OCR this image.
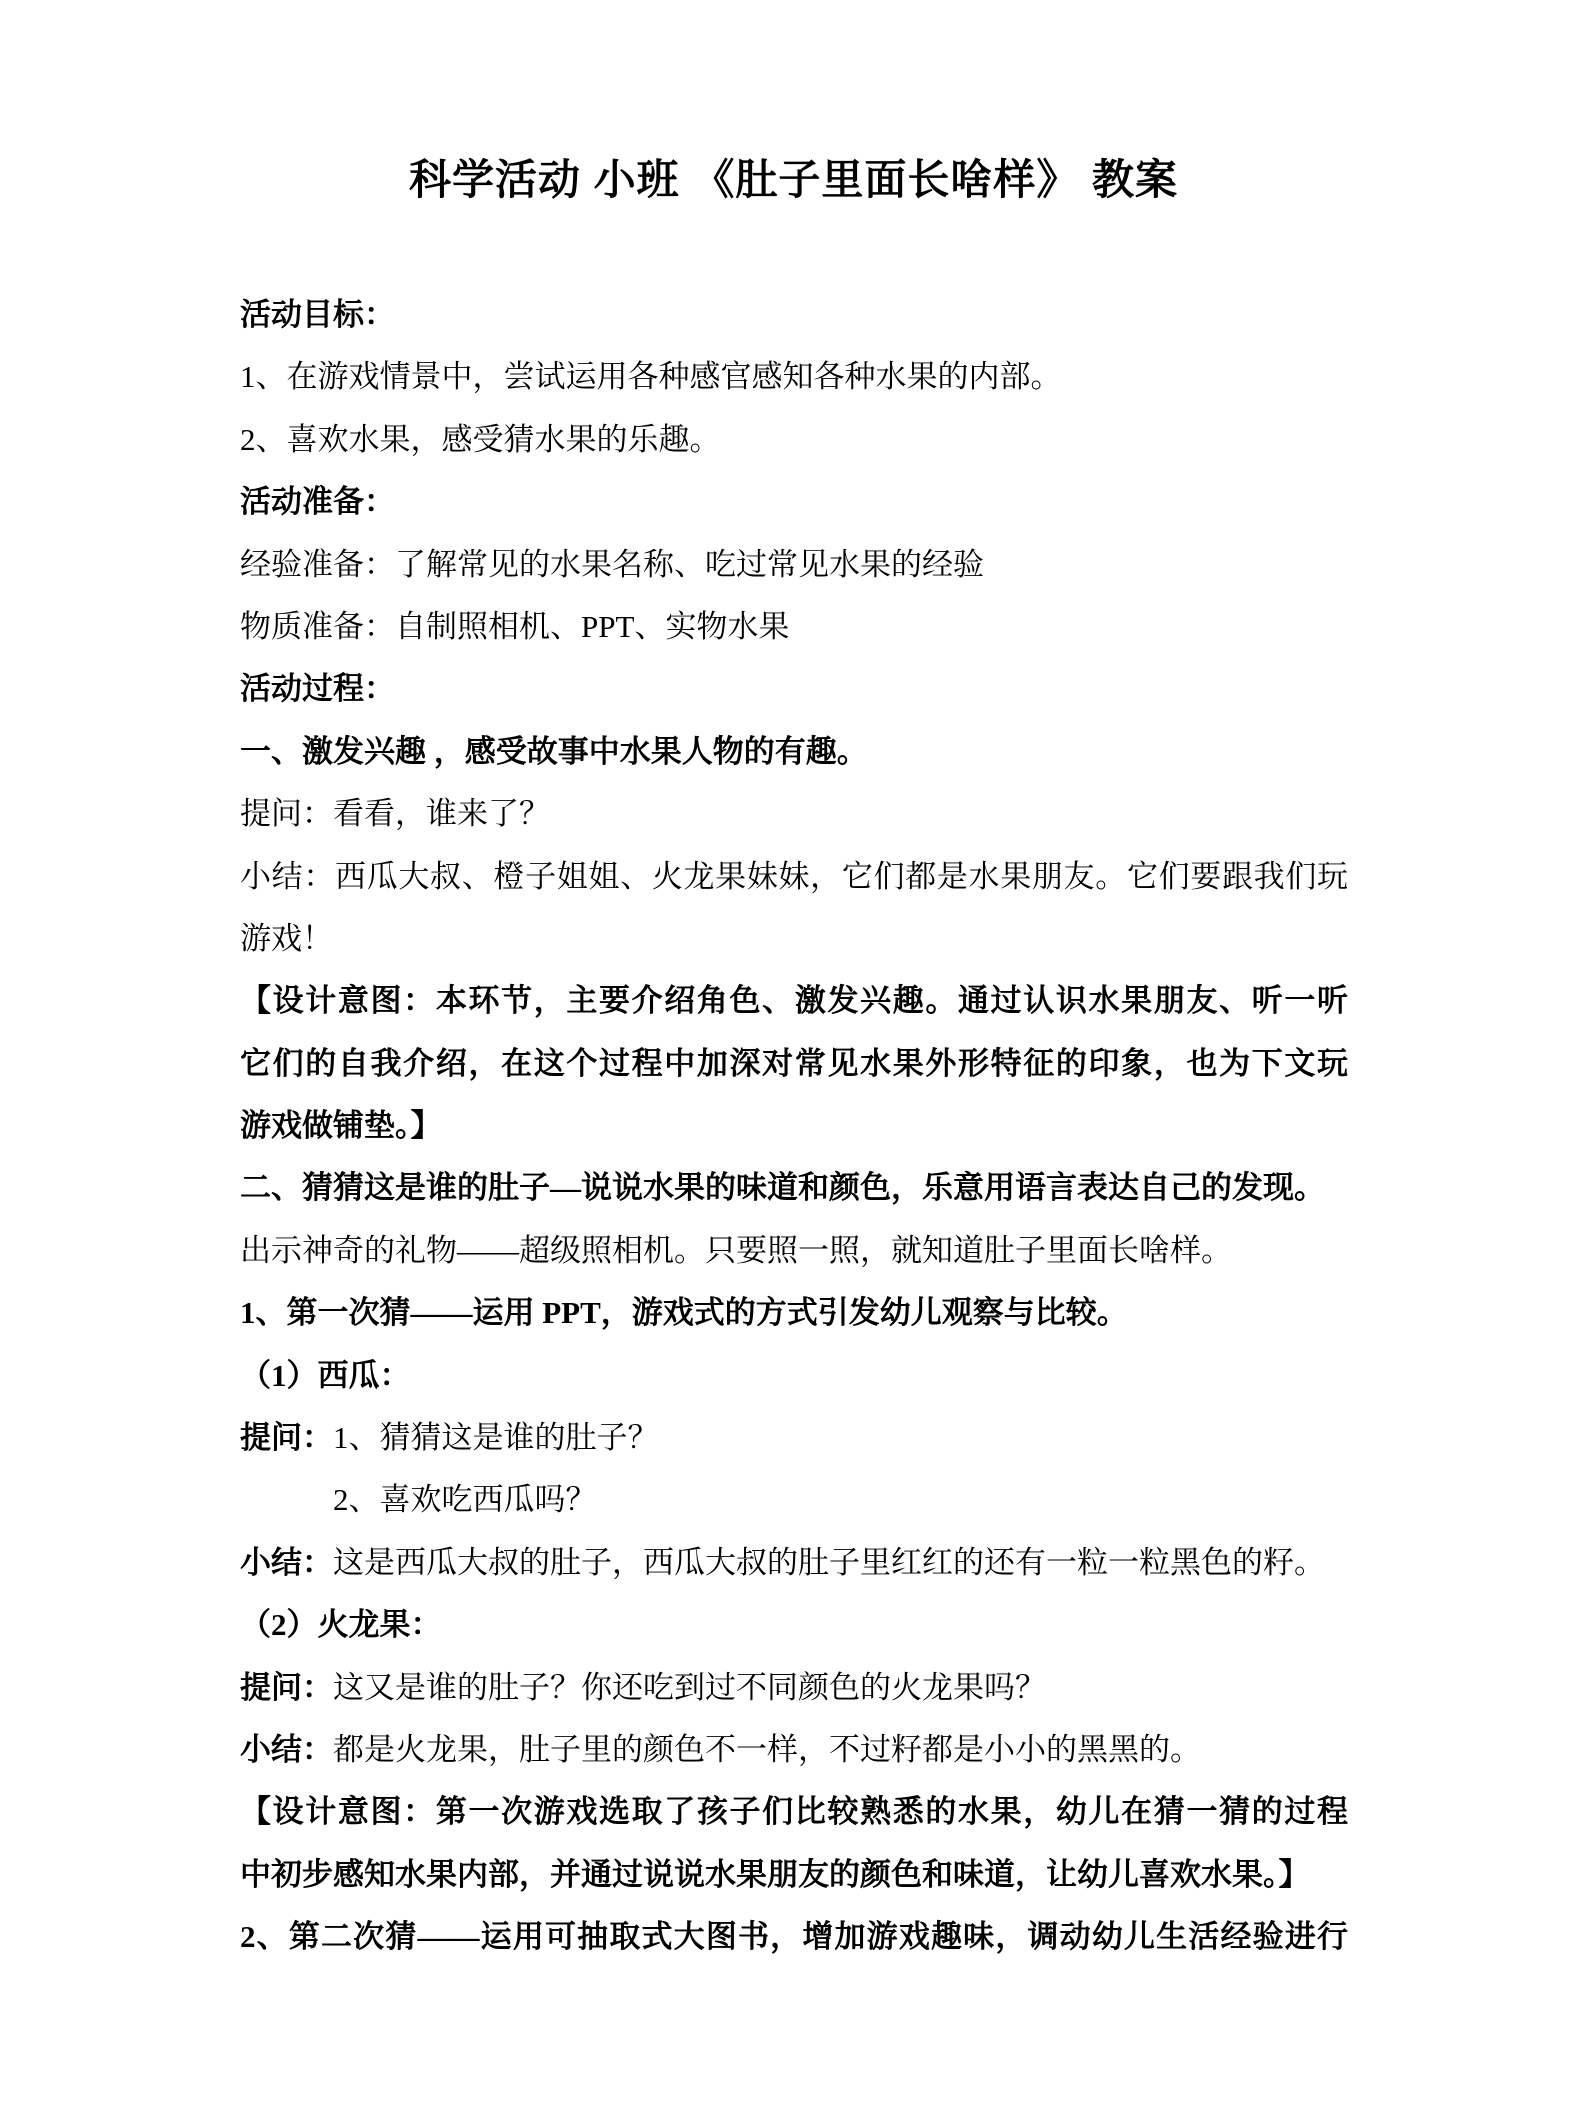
科学活动 小班 《肚子里面长啥样》 教案
活动目标：
1、在游戏情景中，尝试运用各种感官感知各种水果的内部。
2、喜欢水果，感受猜水果的乐趣。
活动准备：
经验准备：了解常见的水果名称、吃过常见水果的经验
物质准备：自制照相机、PPT、实物水果
活动过程：
一、激发兴趣 ，感受故事中水果人物的有趣。
提问：看看，谁来了？
小结：西瓜大叔、橙子姐姐、火龙果妹妹，它们都是水果朋友。它们要跟我们玩
游戏！
【设计意图：本环节，主要介绍角色、激发兴趣。通过认识水果朋友、听一听
它们的自我介绍，在这个过程中加深对常见水果外形特征的印象，也为下文玩
游戏做铺垫。】
二、猜猜这是谁的肚子—说说水果的味道和颜色，乐意用语言表达自己的发现。
出示神奇的礼物——超级照相机。只要照一照，就知道肚子里面长啥样。
1、第一次猜——运用 PPT，游戏式的方式引发幼儿观察与比较。
（1）西瓜：
提问：1、猜猜这是谁的肚子？
2、喜欢吃西瓜吗？
小结：这是西瓜大叔的肚子，西瓜大叔的肚子里红红的还有一粒一粒黑色的籽。
（2）火龙果：
提问：这又是谁的肚子？你还吃到过不同颜色的火龙果吗？
小结：都是火龙果，肚子里的颜色不一样，不过籽都是小小的黑黑的。
【设计意图：第一次游戏选取了孩子们比较熟悉的水果，幼儿在猜一猜的过程
中初步感知水果内部，并通过说说水果朋友的颜色和味道，让幼儿喜欢水果。】
2、第二次猜——运用可抽取式大图书，增加游戏趣味，调动幼儿生活经验进行
